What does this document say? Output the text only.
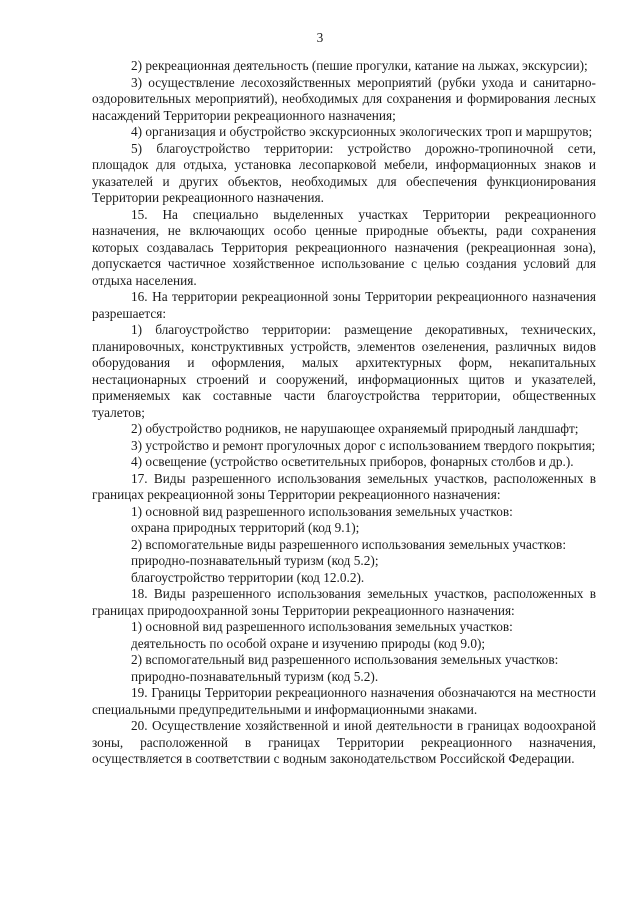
3

2) рекреационная деятельность (пешие прогулки, катание на лыжах, экскурсии);

3) осуществление лесохозяйственных мероприятий (рубки ухода и санитарно-оздоровительных мероприятий), необходимых для сохранения и формирования лесных насаждений Территории рекреационного назначения;

4) организация и обустройство экскурсионных экологических троп и маршрутов;

5) благоустройство территории: устройство дорожно-тропиночной сети, площадок для отдыха, установка лесопарковой мебели, информационных знаков и указателей и других объектов, необходимых для обеспечения функционирования Территории рекреационного назначения.

15. На специально выделенных участках Территории рекреационного назначения, не включающих особо ценные природные объекты, ради сохранения которых создавалась Территория рекреационного назначения (рекреационная зона), допускается частичное хозяйственное использование с целью создания условий для отдыха населения.

16. На территории рекреационной зоны Территории рекреационного назначения разрешается:

1) благоустройство территории: размещение декоративных, технических, планировочных, конструктивных устройств, элементов озеленения, различных видов оборудования и оформления, малых архитектурных форм, некапитальных нестационарных строений и сооружений, информационных щитов и указателей, применяемых как составные части благоустройства территории, общественных туалетов;

2) обустройство родников, не нарушающее охраняемый природный ландшафт;

3) устройство и ремонт прогулочных дорог с использованием твердого покрытия;

4) освещение (устройство осветительных приборов, фонарных столбов и др.).

17. Виды разрешенного использования земельных участков, расположенных в границах рекреационной зоны Территории рекреационного назначения:

1) основной вид разрешенного использования земельных участков:

охрана природных территорий (код 9.1);

2) вспомогательные виды разрешенного использования земельных участков:

природно-познавательный туризм (код 5.2);

благоустройство территории (код 12.0.2).

18. Виды разрешенного использования земельных участков, расположенных в границах природоохранной зоны Территории рекреационного назначения:

1) основной вид разрешенного использования земельных участков:

деятельность по особой охране и изучению природы (код 9.0);

2) вспомогательный вид разрешенного использования земельных участков:

природно-познавательный туризм (код 5.2).

19. Границы Территории рекреационного назначения обозначаются на местности специальными предупредительными и информационными знаками.

20. Осуществление хозяйственной и иной деятельности в границах водоохраной зоны, расположенной в границах Территории рекреационного назначения, осуществляется в соответствии с водным законодательством Российской Федерации.
